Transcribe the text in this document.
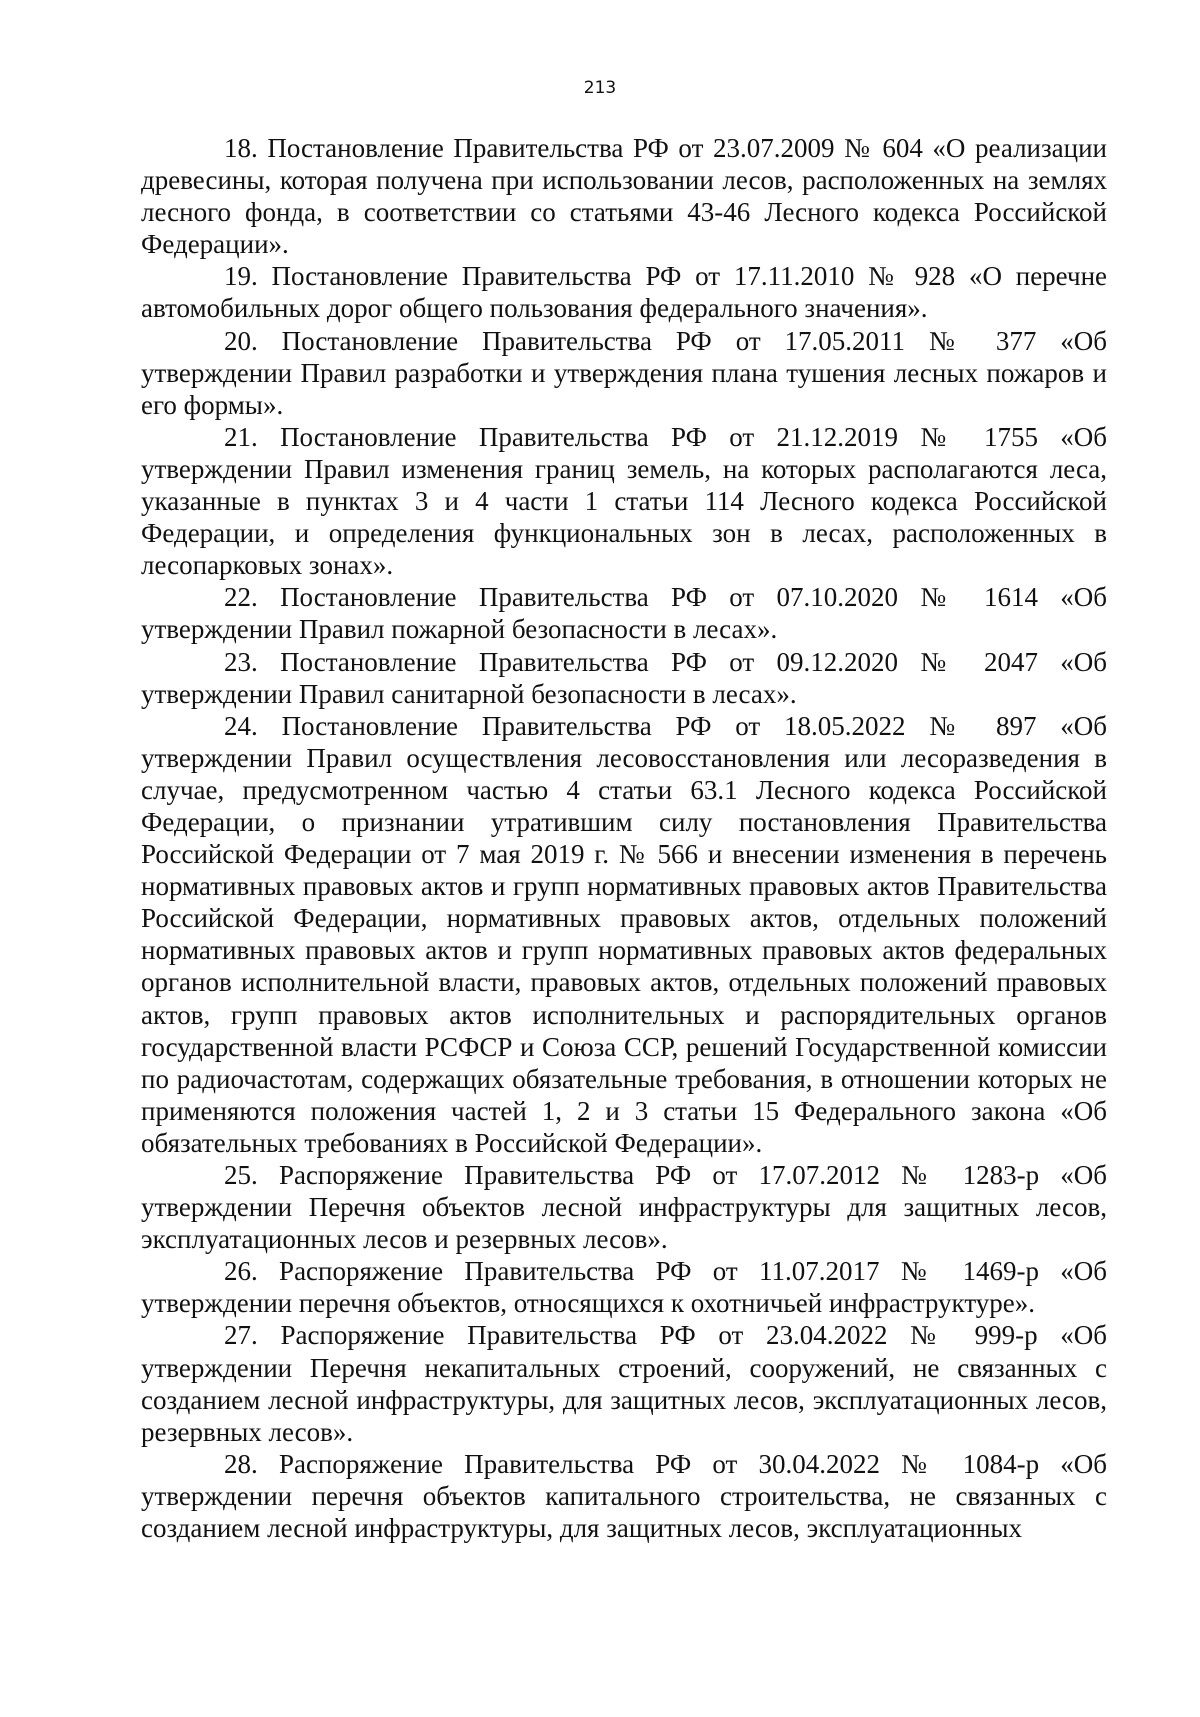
213

18. Постановление Правительства РФ от 23.07.2009 № 604 «О реализации древесины, которая получена при использовании лесов, расположенных на землях лесного фонда, в соответствии со статьями 43-46 Лесного кодекса Российской Федерации».

19. Постановление Правительства РФ от 17.11.2010 № 928 «О перечне автомобильных дорог общего пользования федерального значения».

20. Постановление Правительства РФ от 17.05.2011 № 377 «Об утверждении Правил разработки и утверждения плана тушения лесных пожаров и его формы».

21. Постановление Правительства РФ от 21.12.2019 № 1755 «Об утверждении Правил изменения границ земель, на которых располагаются леса, указанные в пунктах 3 и 4 части 1 статьи 114 Лесного кодекса Российской Федерации, и определения функциональных зон в лесах, расположенных в лесопарковых зонах».

22. Постановление Правительства РФ от 07.10.2020 № 1614 «Об утверждении Правил пожарной безопасности в лесах».

23. Постановление Правительства РФ от 09.12.2020 № 2047 «Об утверждении Правил санитарной безопасности в лесах».

24. Постановление Правительства РФ от 18.05.2022 № 897 «Об утверждении Правил осуществления лесовосстановления или лесоразведения в случае, предусмотренном частью 4 статьи 63.1 Лесного кодекса Российской Федерации, о признании утратившим силу постановления Правительства Российской Федерации от 7 мая 2019 г. № 566 и внесении изменения в перечень нормативных правовых актов и групп нормативных правовых актов Правительства Российской Федерации, нормативных правовых актов, отдельных положений нормативных правовых актов и групп нормативных правовых актов федеральных органов исполнительной власти, правовых актов, отдельных положений правовых актов, групп правовых актов исполнительных и распорядительных органов государственной власти РСФСР и Союза ССР, решений Государственной комиссии по радиочастотам, содержащих обязательные требования, в отношении которых не применяются положения частей 1, 2 и 3 статьи 15 Федерального закона «Об обязательных требованиях в Российской Федерации».

25. Распоряжение Правительства РФ от 17.07.2012 № 1283-р «Об утверждении Перечня объектов лесной инфраструктуры для защитных лесов, эксплуатационных лесов и резервных лесов».

26. Распоряжение Правительства РФ от 11.07.2017 № 1469-р «Об утверждении перечня объектов, относящихся к охотничьей инфраструктуре».

27. Распоряжение Правительства РФ от 23.04.2022 № 999-р «Об утверждении Перечня некапитальных строений, сооружений, не связанных с созданием лесной инфраструктуры, для защитных лесов, эксплуатационных лесов, резервных лесов».

28. Распоряжение Правительства РФ от 30.04.2022 № 1084-р «Об утверждении перечня объектов капитального строительства, не связанных с созданием лесной инфраструктуры, для защитных лесов, эксплуатационных
